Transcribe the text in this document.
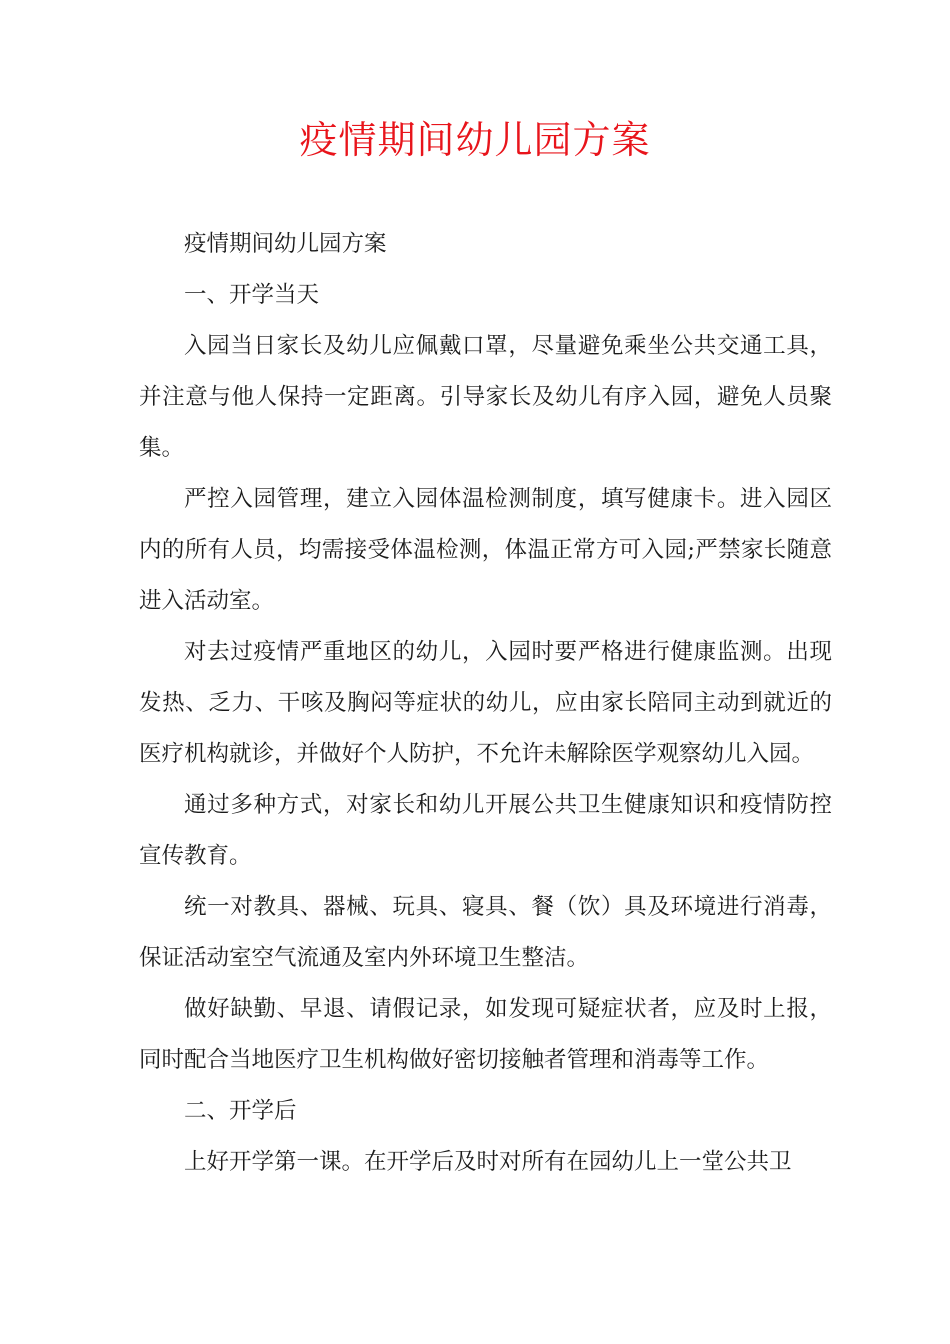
疫情期间幼儿园方案

疫情期间幼儿园方案

一、开学当天

入园当日家长及幼儿应佩戴口罩，尽量避免乘坐公共交通工具，并注意与他人保持一定距离。引导家长及幼儿有序入园，避免人员聚集。

严控入园管理，建立入园体温检测制度，填写健康卡。进入园区内的所有人员，均需接受体温检测，体温正常方可入园;严禁家长随意进入活动室。

对去过疫情严重地区的幼儿，入园时要严格进行健康监测。出现发热、乏力、干咳及胸闷等症状的幼儿，应由家长陪同主动到就近的医疗机构就诊，并做好个人防护，不允许未解除医学观察幼儿入园。

通过多种方式，对家长和幼儿开展公共卫生健康知识和疫情防控宣传教育。

统一对教具、器械、玩具、寝具、餐（饮）具及环境进行消毒，保证活动室空气流通及室内外环境卫生整洁。

做好缺勤、早退、请假记录，如发现可疑症状者，应及时上报，同时配合当地医疗卫生机构做好密切接触者管理和消毒等工作。

二、开学后

上好开学第一课。在开学后及时对所有在园幼儿上一堂公共卫
